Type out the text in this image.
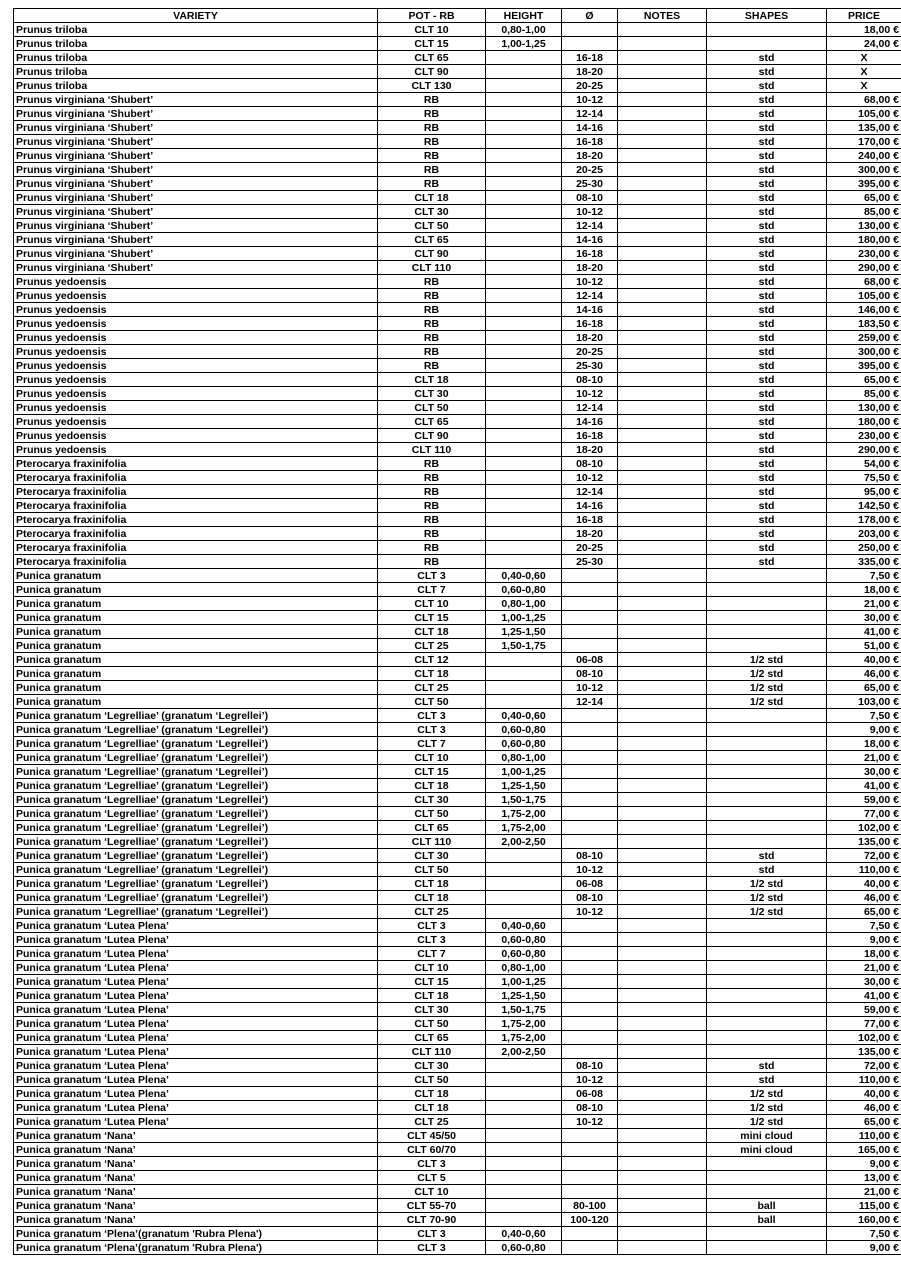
VARIETY	POT - RB	HEIGHT	Ø	NOTES	SHAPES	PRICE
Prunus triloba	CLT 10	0,80-1,00				18,00 €
Prunus triloba	CLT 15	1,00-1,25				24,00 €
Prunus triloba	CLT 65		16-18		std	X
Prunus triloba	CLT 90		18-20		std	X
Prunus triloba	CLT 130		20-25		std	X
Prunus virginiana ‘Shubert’	RB		10-12		std	68,00 €
Prunus virginiana ‘Shubert’	RB		12-14		std	105,00 €
Prunus virginiana ‘Shubert’	RB		14-16		std	135,00 €
Prunus virginiana ‘Shubert’	RB		16-18		std	170,00 €
Prunus virginiana ‘Shubert’	RB		18-20		std	240,00 €
Prunus virginiana ‘Shubert’	RB		20-25		std	300,00 €
Prunus virginiana ‘Shubert’	RB		25-30		std	395,00 €
Prunus virginiana ‘Shubert’	CLT 18		08-10		std	65,00 €
Prunus virginiana ‘Shubert’	CLT 30		10-12		std	85,00 €
Prunus virginiana ‘Shubert’	CLT 50		12-14		std	130,00 €
Prunus virginiana ‘Shubert’	CLT 65		14-16		std	180,00 €
Prunus virginiana ‘Shubert’	CLT 90		16-18		std	230,00 €
Prunus virginiana ‘Shubert’	CLT 110		18-20		std	290,00 €
Prunus yedoensis	RB		10-12		std	68,00 €
Prunus yedoensis	RB		12-14		std	105,00 €
Prunus yedoensis	RB		14-16		std	146,00 €
Prunus yedoensis	RB		16-18		std	183,50 €
Prunus yedoensis	RB		18-20		std	259,00 €
Prunus yedoensis	RB		20-25		std	300,00 €
Prunus yedoensis	RB		25-30		std	395,00 €
Prunus yedoensis	CLT 18		08-10		std	65,00 €
Prunus yedoensis	CLT 30		10-12		std	85,00 €
Prunus yedoensis	CLT 50		12-14		std	130,00 €
Prunus yedoensis	CLT 65		14-16		std	180,00 €
Prunus yedoensis	CLT 90		16-18		std	230,00 €
Prunus yedoensis	CLT 110		18-20		std	290,00 €
Pterocarya fraxinifolia	RB		08-10		std	54,00 €
Pterocarya fraxinifolia	RB		10-12		std	75,50 €
Pterocarya fraxinifolia	RB		12-14		std	95,00 €
Pterocarya fraxinifolia	RB		14-16		std	142,50 €
Pterocarya fraxinifolia	RB		16-18		std	178,00 €
Pterocarya fraxinifolia	RB		18-20		std	203,00 €
Pterocarya fraxinifolia	RB		20-25		std	250,00 €
Pterocarya fraxinifolia	RB		25-30		std	335,00 €
Punica granatum	CLT 3	0,40-0,60				7,50 €
Punica granatum	CLT 7	0,60-0,80				18,00 €
Punica granatum	CLT 10	0,80-1,00				21,00 €
Punica granatum	CLT 15	1,00-1,25				30,00 €
Punica granatum	CLT 18	1,25-1,50				41,00 €
Punica granatum	CLT 25	1,50-1,75				51,00 €
Punica granatum	CLT 12		06-08		1/2 std	40,00 €
Punica granatum	CLT 18		08-10		1/2 std	46,00 €
Punica granatum	CLT 25		10-12		1/2 std	65,00 €
Punica granatum	CLT 50		12-14		1/2 std	103,00 €
Punica granatum ‘Legrelliae’ (granatum ‘Legrellei’)	CLT 3	0,40-0,60				7,50 €
Punica granatum ‘Legrelliae’ (granatum ‘Legrellei’)	CLT 3	0,60-0,80				9,00 €
Punica granatum ‘Legrelliae’ (granatum ‘Legrellei’)	CLT 7	0,60-0,80				18,00 €
Punica granatum ‘Legrelliae’ (granatum ‘Legrellei’)	CLT 10	0,80-1,00				21,00 €
Punica granatum ‘Legrelliae’ (granatum ‘Legrellei’)	CLT 15	1,00-1,25				30,00 €
Punica granatum ‘Legrelliae’ (granatum ‘Legrellei’)	CLT 18	1,25-1,50				41,00 €
Punica granatum ‘Legrelliae’ (granatum ‘Legrellei’)	CLT 30	1,50-1,75				59,00 €
Punica granatum ‘Legrelliae’ (granatum ‘Legrellei’)	CLT 50	1,75-2,00				77,00 €
Punica granatum ‘Legrelliae’ (granatum ‘Legrellei’)	CLT 65	1,75-2,00				102,00 €
Punica granatum ‘Legrelliae’ (granatum ‘Legrellei’)	CLT 110	2,00-2,50				135,00 €
Punica granatum ‘Legrelliae’ (granatum ‘Legrellei’)	CLT 30		08-10		std	72,00 €
Punica granatum ‘Legrelliae’ (granatum ‘Legrellei’)	CLT 50		10-12		std	110,00 €
Punica granatum ‘Legrelliae’ (granatum ‘Legrellei’)	CLT 18		06-08		1/2 std	40,00 €
Punica granatum ‘Legrelliae’ (granatum ‘Legrellei’)	CLT 18		08-10		1/2 std	46,00 €
Punica granatum ‘Legrelliae’ (granatum ‘Legrellei’)	CLT 25		10-12		1/2 std	65,00 €
Punica granatum ‘Lutea Plena’	CLT 3	0,40-0,60				7,50 €
Punica granatum ‘Lutea Plena’	CLT 3	0,60-0,80				9,00 €
Punica granatum ‘Lutea Plena’	CLT 7	0,60-0,80				18,00 €
Punica granatum ‘Lutea Plena’	CLT 10	0,80-1,00				21,00 €
Punica granatum ‘Lutea Plena’	CLT 15	1,00-1,25				30,00 €
Punica granatum ‘Lutea Plena’	CLT 18	1,25-1,50				41,00 €
Punica granatum ‘Lutea Plena’	CLT 30	1,50-1,75				59,00 €
Punica granatum ‘Lutea Plena’	CLT 50	1,75-2,00				77,00 €
Punica granatum ‘Lutea Plena’	CLT 65	1,75-2,00				102,00 €
Punica granatum ‘Lutea Plena’	CLT 110	2,00-2,50				135,00 €
Punica granatum ‘Lutea Plena’	CLT 30		08-10		std	72,00 €
Punica granatum ‘Lutea Plena’	CLT 50		10-12		std	110,00 €
Punica granatum ‘Lutea Plena’	CLT 18		06-08		1/2 std	40,00 €
Punica granatum ‘Lutea Plena’	CLT 18		08-10		1/2 std	46,00 €
Punica granatum ‘Lutea Plena’	CLT 25		10-12		1/2 std	65,00 €
Punica granatum ‘Nana’	CLT 45/50				mini cloud	110,00 €
Punica granatum ‘Nana’	CLT 60/70				mini cloud	165,00 €
Punica granatum ‘Nana’	CLT 3					9,00 €
Punica granatum ‘Nana’	CLT 5					13,00 €
Punica granatum ‘Nana’	CLT 10					21,00 €
Punica granatum ‘Nana’	CLT 55-70		80-100		ball	115,00 €
Punica granatum ‘Nana’	CLT 70-90		100-120		ball	160,00 €
Punica granatum ‘Plena’(granatum 'Rubra Plena')	CLT 3	0,40-0,60				7,50 €
Punica granatum ‘Plena’(granatum 'Rubra Plena')	CLT 3	0,60-0,80				9,00 €
